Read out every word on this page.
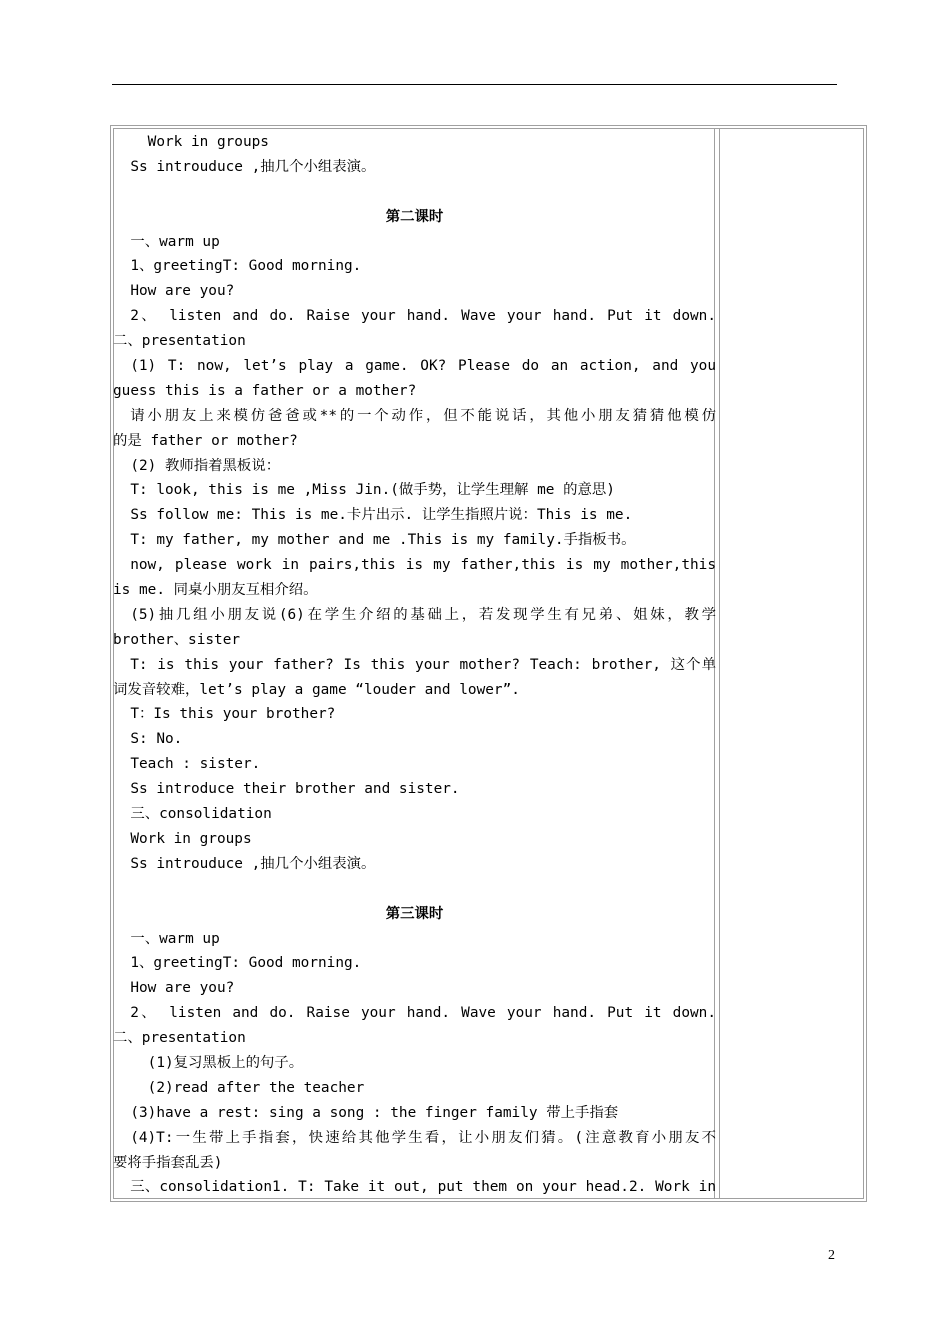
Work in groups
Ss introuduce ,抽几个小组表演。
第二课时
一、warm up
1、greetingT: Good morning.
How are you?
2、 listen and do. Raise your hand. Wave your hand. Put it down.
二、presentation
(1) T: now, let’s play a game. OK? Please do an action, and you
guess this is a father or a mother?
请小朋友上来模仿爸爸或**的一个动作，但不能说话，其他小朋友猜猜他模仿
的是 father or mother?
(2) 教师指着黑板说：
T: look, this is me ,Miss Jin.(做手势，让学生理解 me 的意思)
Ss follow me: This is me.卡片出示. 让学生指照片说：This is me.
T: my father, my mother and me .This is my family.手指板书。
now, please work in pairs,this is my father,this is my mother,this
is me. 同桌小朋友互相介绍。
(5)抽几组小朋友说(6)在学生介绍的基础上，若发现学生有兄弟、姐妹，教学
brother、sister
T: is this your father? Is this your mother? Teach: brother, 这个单
词发音较难，let’s play a game “louder and lower”.
T：Is this your brother?
S: No.
Teach : sister.
Ss introduce their brother and sister.
三、consolidation
Work in groups
Ss introuduce ,抽几个小组表演。
第三课时
一、warm up
1、greetingT: Good morning.
How are you?
2、 listen and do. Raise your hand. Wave your hand. Put it down.
二、presentation
(1)复习黑板上的句子。
(2)read after the teacher
(3)have a rest: sing a song : the finger family 带上手指套
(4)T:一生带上手指套，快速给其他学生看，让小朋友们猜。(注意教育小朋友不
要将手指套乱丢)
三、consolidation1. T: Take it out, put them on your head.2. Work in
2
